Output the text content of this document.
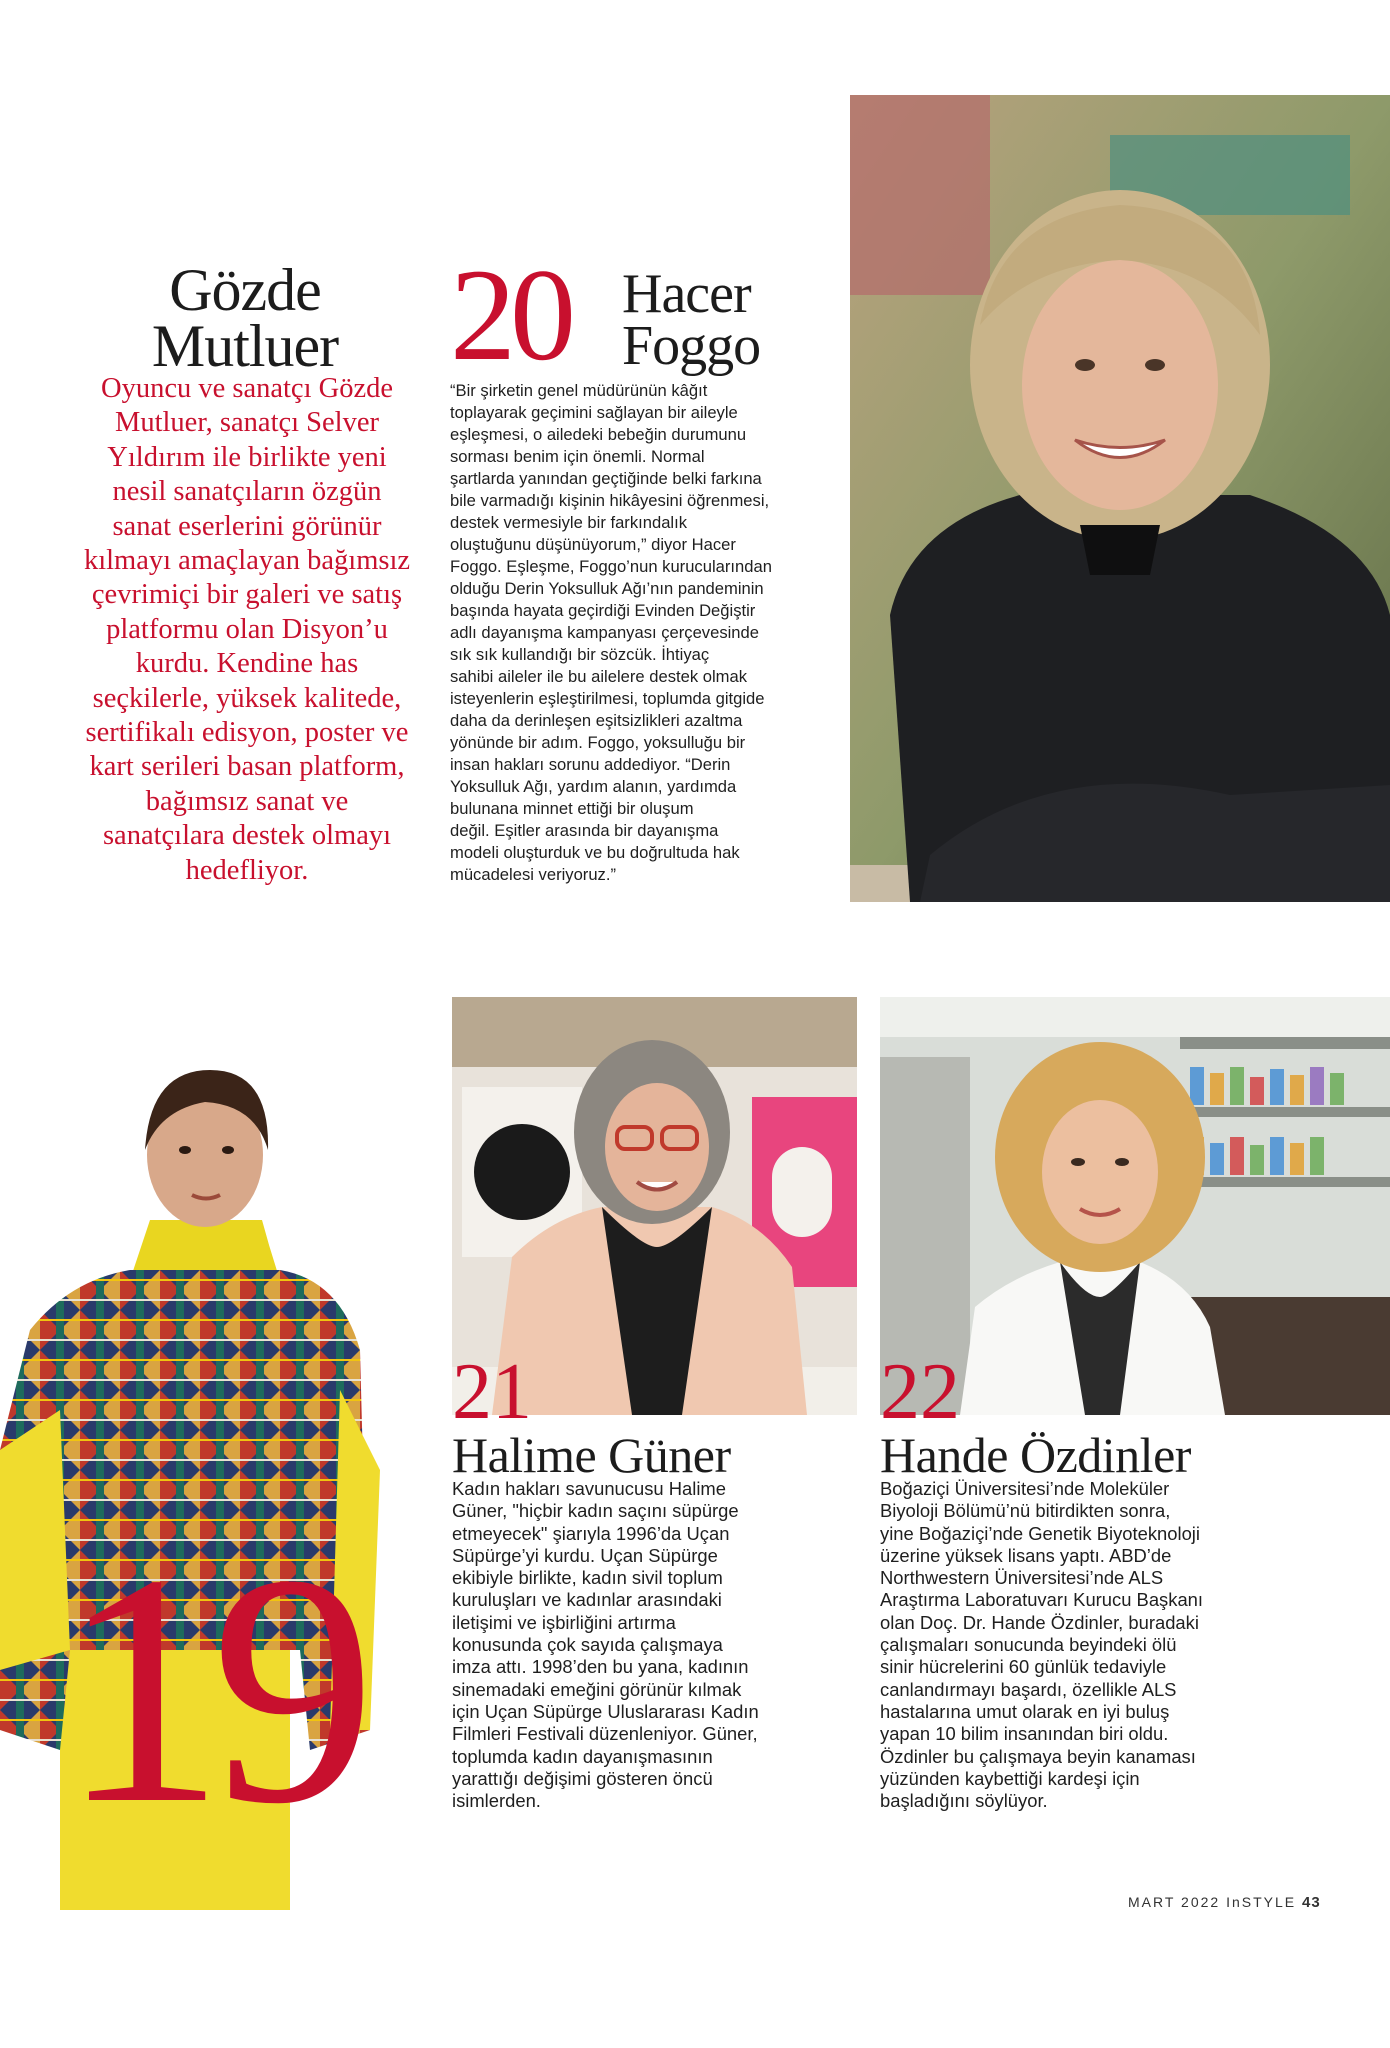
Gözde Mutluer
Oyuncu ve sanatçı Gözde Mutluer, sanatçı Selver Yıldırım ile birlikte yeni nesil sanatçıların özgün sanat eserlerini görünür kılmayı amaçlayan bağımsız çevrimiçi bir galeri ve satış platformu olan Disyon’u kurdu. Kendine has seçkilerle, yüksek kalitede, sertifikalı edisyon, poster ve kart serileri basan platform, bağımsız sanat ve sanatçılara destek olmayı hedefliyor.
19
20 Hacer
Foggo
“Bir şirketin genel müdürünün kâğıt
toplayarak geçimini sağlayan bir aileyle
eşleşmesi, o ailedeki bebeğin durumunu
sorması benim için önemli. Normal
şartlarda yanından geçtiğinde belki farkına
bile varmadığı kişinin hikâyesini öğrenmesi,
destek vermesiyle bir farkındalık
oluştuğunu düşünüyorum,” diyor Hacer
Foggo. Eşleşme, Foggo’nun kurucularından
olduğu Derin Yoksulluk Ağı’nın pandeminin
başında hayata geçirdiği Evinden Değiştir
adlı dayanışma kampanyası çerçevesinde
sık sık kullandığı bir sözcük. İhtiyaç
sahibi aileler ile bu ailelere destek olmak
isteyenlerin eşleştirilmesi, toplumda gitgide
daha da derinleşen eşitsizlikleri azaltma
yönünde bir adım. Foggo, yoksulluğu bir
insan hakları sorunu addediyor. “Derin
Yoksulluk Ağı, yardım alanın, yardımda
bulunana minnet ettiği bir oluşum
değil. Eşitler arasında bir dayanışma
modeli oluşturduk ve bu doğrultuda hak
mücadelesi veriyoruz.”
21
Halime Güner
Kadın hakları savunucusu Halime
Güner, "hiçbir kadın saçını süpürge
etmeyecek" şiarıyla 1996’da Uçan
Süpürge’yi kurdu. Uçan Süpürge
ekibiyle birlikte, kadın sivil toplum
kuruluşları ve kadınlar arasındaki
iletişimi ve işbirliğini artırma
konusunda çok sayıda çalışmaya
imza attı. 1998’den bu yana, kadının
sinemadaki emeğini görünür kılmak
için Uçan Süpürge Uluslararası Kadın
Filmleri Festivali düzenleniyor. Güner,
toplumda kadın dayanışmasının
yarattığı değişimi gösteren öncü
isimlerden.
22
Hande Özdinler
Boğaziçi Üniversitesi’nde Moleküler
Biyoloji Bölümü’nü bitirdikten sonra,
yine Boğaziçi’nde Genetik Biyoteknoloji
üzerine yüksek lisans yaptı. ABD’de
Northwestern Üniversitesi’nde ALS
Araştırma Laboratuvarı Kurucu Başkanı
olan Doç. Dr. Hande Özdinler, buradaki
çalışmaları sonucunda beyindeki ölü
sinir hücrelerini 60 günlük tedaviyle
canlandırmayı başardı, özellikle ALS
hastalarına umut olarak en iyi buluş
yapan 10 bilim insanından biri oldu.
Özdinler bu çalışmaya beyin kanaması
yüzünden kaybettiği kardeşi için
başladığını söylüyor.
MART 2022 InSTYLE 43
